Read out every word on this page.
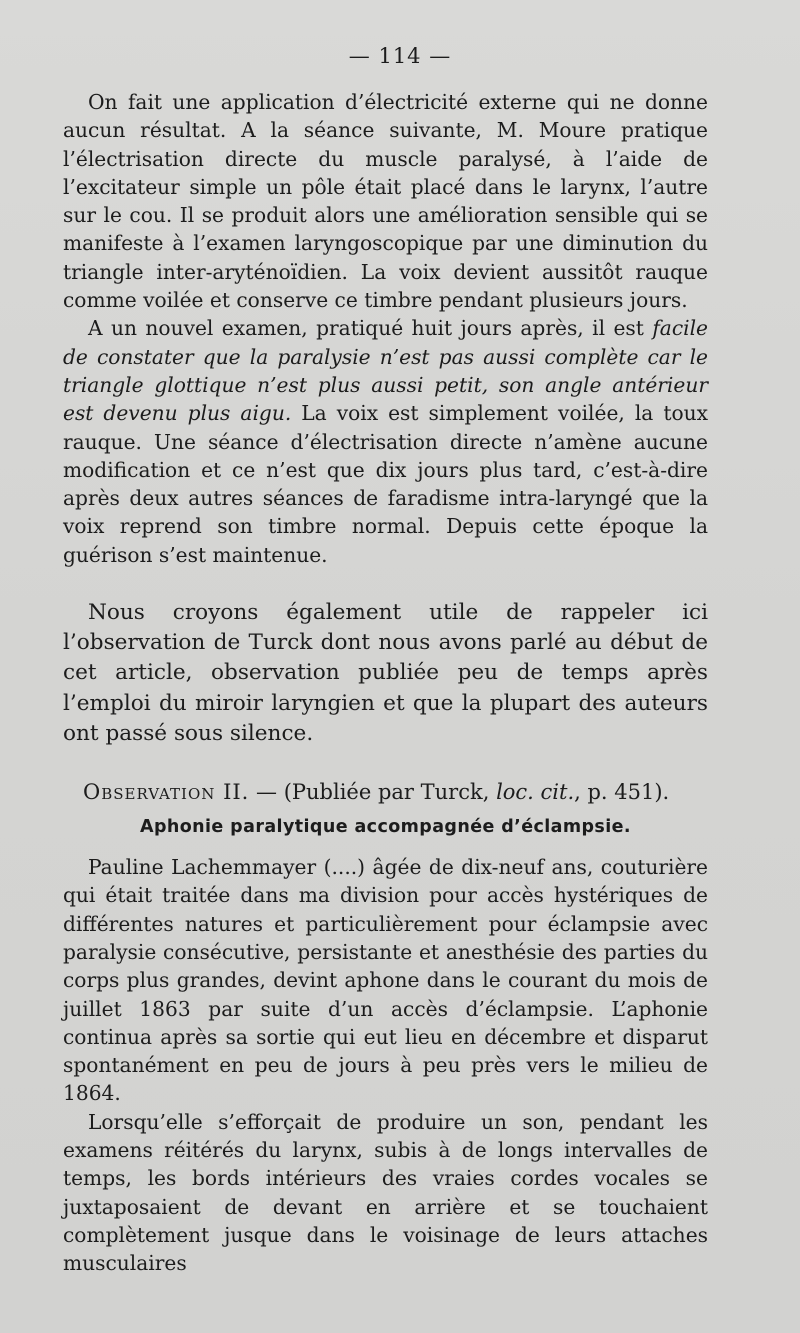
— 114 —

On fait une application d’électricité externe qui ne donne aucun résultat. A la séance suivante, M. Moure pratique l’électrisation directe du muscle paralysé, à l’aide de l’excitateur simple un pôle était placé dans le larynx, l’autre sur le cou. Il se produit alors une amélioration sensible qui se manifeste à l’examen laryngoscopique par une diminution du triangle inter-aryténoïdien. La voix devient aussitôt rauque comme voilée et conserve ce timbre pendant plusieurs jours.

A un nouvel examen, pratiqué huit jours après, il est facile de constater que la paralysie n’est pas aussi complète car le triangle glottique n’est plus aussi petit, son angle antérieur est devenu plus aigu. La voix est simplement voilée, la toux rauque. Une séance d’électrisation directe n’amène aucune modification et ce n’est que dix jours plus tard, c’est-à-dire après deux autres séances de faradisme intra-laryngé que la voix reprend son timbre normal. Depuis cette époque la guérison s’est maintenue.

Nous croyons également utile de rappeler ici l’observation de Turck dont nous avons parlé au début de cet article, observation publiée peu de temps après l’emploi du miroir laryngien et que la plupart des auteurs ont passé sous silence.

Observation II. — (Publiée par Turck, loc. cit., p. 451).

Aphonie paralytique accompagnée d’éclampsie.

Pauline Lachemmayer (....) âgée de dix-neuf ans, couturière qui était traitée dans ma division pour accès hystériques de différentes natures et particulièrement pour éclampsie avec paralysie consécutive, persistante et anesthésie des parties du corps plus grandes, devint aphone dans le courant du mois de juillet 1863 par suite d’un accès d’éclampsie. L’aphonie continua après sa sortie qui eut lieu en décembre et disparut spontanément en peu de jours à peu près vers le milieu de 1864.

Lorsqu’elle s’efforçait de produire un son, pendant les examens réitérés du larynx, subis à de longs intervalles de temps, les bords intérieurs des vraies cordes vocales se juxtaposaient de devant en arrière et se touchaient complètement jusque dans le voisinage de leurs attaches musculaires
